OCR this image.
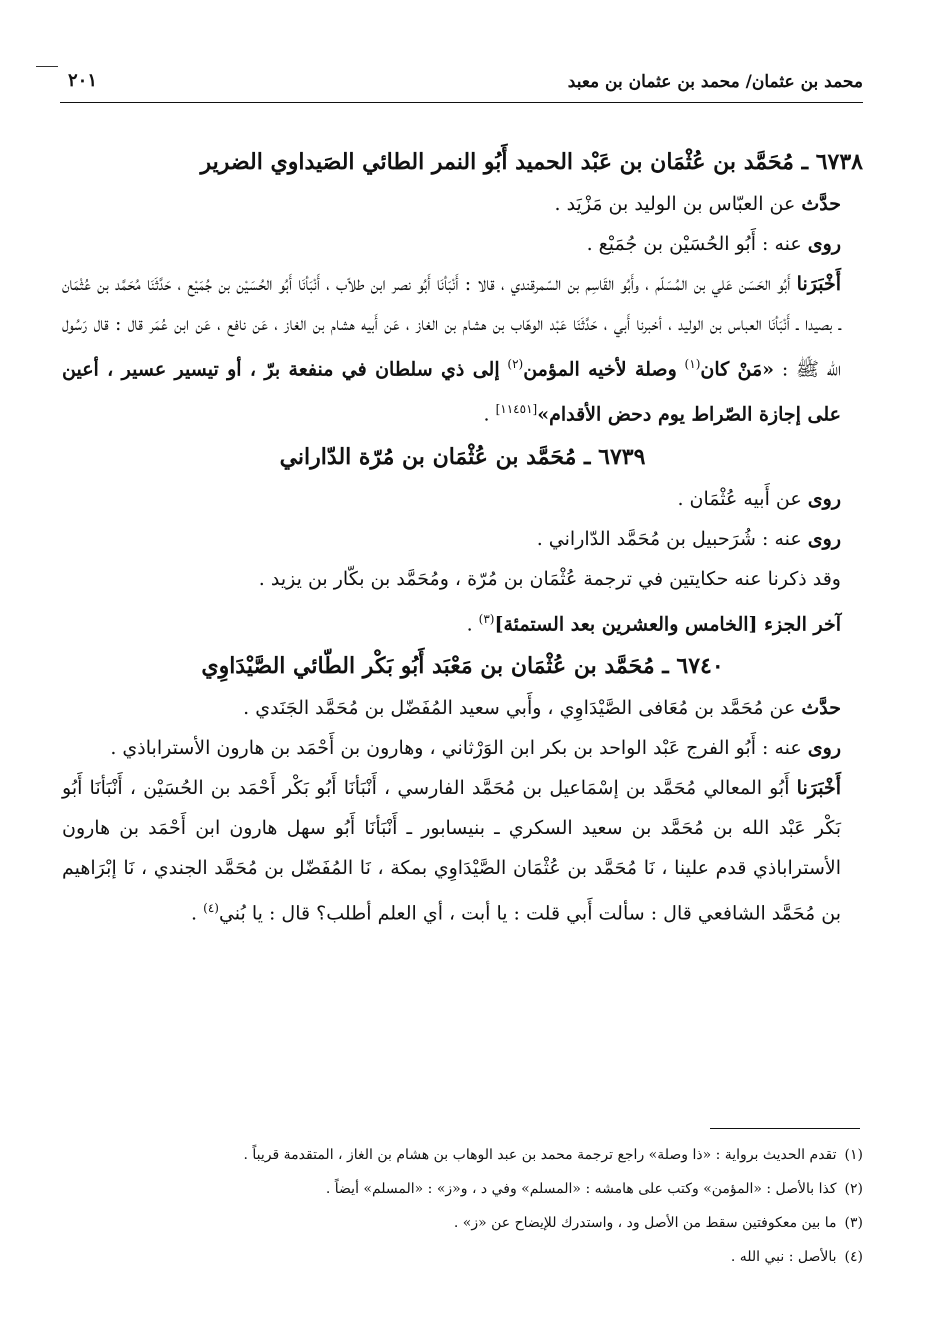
محمد بن عثمان/ محمد بن عثمان بن معبد
٢٠١

٦٧٣٨ ـ مُحَمَّد بن عُثْمَان بن عَبْد الحميد أَبُو النمر الطائي الصَيداوي الضرير

حدَّث عن العبّاس بن الوليد بن مَزْيَد .

روى عنه : أَبُو الحُسَيْن بن جُمَيْع .

أَخْبَرَنا أَبُو الحَسَن عَلي بن المُسَلّم ، وأَبُو القَاسِم بن السّمرقندي ، قالا : أَنْبَأنَا أَبُو نصر ابن طلاّب ، أَنْبَأنَا أَبُو الحُسَيْن بن جُمَيْع ، حَدَّثَنَا مُحَمَّد بن عُثْمَان ـ بصيدا ـ أَنْبَأنَا العباس بن الوليد ، أخبرنا أَبي ، حَدَّثَنَا عَبْد الوهّاب بن هشام بن الغاز ، عَن أَبيه هشام بن الغاز ، عَن نافع ، عَن ابن عُمَر قال : قال رَسُول الله ﷺ : «مَنْ كان$^{(١)}$ وصلة لأخيه المؤمن$^{(٢)}$ إلى ذي سلطان في منفعة برّ ، أو تيسير عسير ، أعين على إجازة الصّراط يوم دحض الأقدام»[١١٤٥١] .

٦٧٣٩ ـ مُحَمَّد بن عُثْمَان بن مُرّة الدّاراني

روى عن أَبيه عُثْمَان .

روى عنه : شُرَحبيل بن مُحَمَّد الدّاراني .

وقد ذكرنا عنه حكايتين في ترجمة عُثْمَان بن مُرّة ، ومُحَمَّد بن بكّار بن يزيد .

آخر الجزء [الخامس والعشرين بعد الستمئة]$^{(٣)}$ .

٦٧٤٠ ـ مُحَمَّد بن عُثْمَان بن مَعْبَد أَبُو بَكْر الطّائي الصَّيْدَاوِي

حدَّث عن مُحَمَّد بن مُعَافى الصَّيْدَاوِي ، وأَبي سعيد المُفَضّل بن مُحَمَّد الجَنَدي .

روى عنه : أَبُو الفرج عَبْد الواحد بن بكر ابن الوَرْثاني ، وهارون بن أَحْمَد بن هارون الأستراباذي .

أَخْبَرَنا أَبُو المعالي مُحَمَّد بن إسْمَاعيل بن مُحَمَّد الفارسي ، أَنْبَأنَا أَبُو بَكْر أَحْمَد بن الحُسَيْن ، أَنْبَأنَا أَبُو بَكْر عَبْد الله بن مُحَمَّد بن سعيد السكري ـ بنيسابور ـ أَنْبَأنَا أَبُو سهل هارون ابن أَحْمَد بن هارون الأستراباذي قدم علينا ، نَا مُحَمَّد بن عُثْمَان الصَّيْدَاوِي بمكة ، نَا المُفَضّل بن مُحَمَّد الجندي ، نَا إبْرَاهيم بن مُحَمَّد الشافعي قال : سألت أَبي قلت : يا أبت ، أي العلم أطلب؟ قال : يا بُني$^{(٤)}$ .

(١)تقدم الحديث برواية : «ذا وصلة» راجع ترجمة محمد بن عبد الوهاب بن هشام بن الغاز ، المتقدمة قريباً .

(٢)كذا بالأصل : «المؤمن» وكتب على هامشه : «المسلم» وفي د ، و«ز» : «المسلم» أيضاً .

(٣)ما بين معكوفتين سقط من الأصل ود ، واستدرك للإيضاح عن «ز» .

(٤)بالأصل : نبي الله .
